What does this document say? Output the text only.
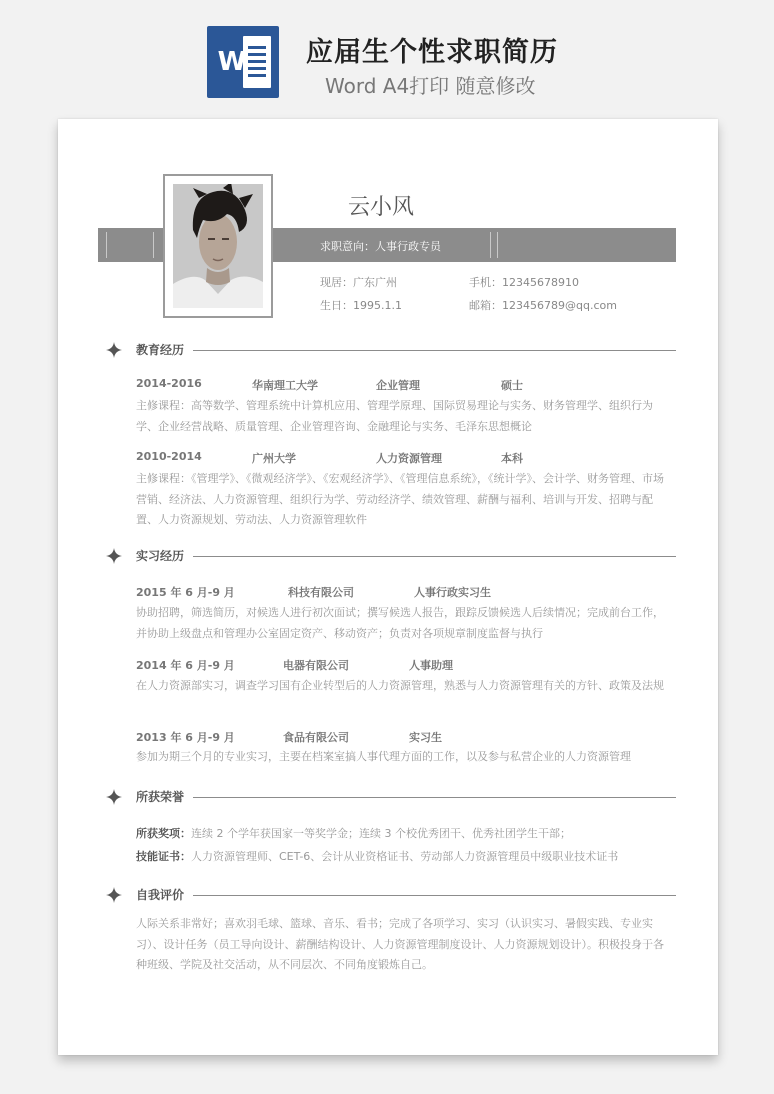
W 应届生个性求职简历
Word A4打印 随意修改
云小风
求职意向：人事行政专员
现居：广东广州	手机：12345678910
生日：1995.1.1	邮箱：123456789@qq.com
教育经历
2014-2016	华南理工大学	企业管理	硕士
主修课程：高等数学、管理系统中计算机应用、管理学原理、国际贸易理论与实务、财务管理学、组织行为学、企业经营战略、质量管理、企业管理咨询、金融理论与实务、毛泽东思想概论
2010-2014	广州大学	人力资源管理	本科
主修课程：《管理学》、《微观经济学》、《宏观经济学》、《管理信息系统》，《统计学》、会计学、财务管理、市场营销、经济法、人力资源管理、组织行为学、劳动经济学、绩效管理、薪酬与福利、培训与开发、招聘与配置、人力资源规划、劳动法、人力资源管理软件
实习经历
2015 年 6 月-9 月	科技有限公司	人事行政实习生
协助招聘，筛选简历，对候选人进行初次面试；撰写候选人报告，跟踪反馈候选人后续情况；完成前台工作，并协助上级盘点和管理办公室固定资产、移动资产；负责对各项规章制度监督与执行
2014 年 6 月-9 月	电器有限公司	人事助理
在人力资源部实习，调查学习国有企业转型后的人力资源管理，熟悉与人力资源管理有关的方针、政策及法规
2013 年 6 月-9 月	食品有限公司	实习生
参加为期三个月的专业实习，主要在档案室搞人事代理方面的工作，以及参与私营企业的人力资源管理
所获荣誉
所获奖项：连续 2 个学年获国家一等奖学金；连续 3 个校优秀团干、优秀社团学生干部；
技能证书：人力资源管理师、CET-6、会计从业资格证书、劳动部人力资源管理员中级职业技术证书
自我评价
人际关系非常好；喜欢羽毛球、篮球、音乐、看书；完成了各项学习、实习（认识实习、暑假实践、专业实习）、设计任务（员工导向设计、薪酬结构设计、人力资源管理制度设计、人力资源规划设计）。积极投身于各种班级、学院及社交活动，从不同层次、不同角度锻炼自己。
